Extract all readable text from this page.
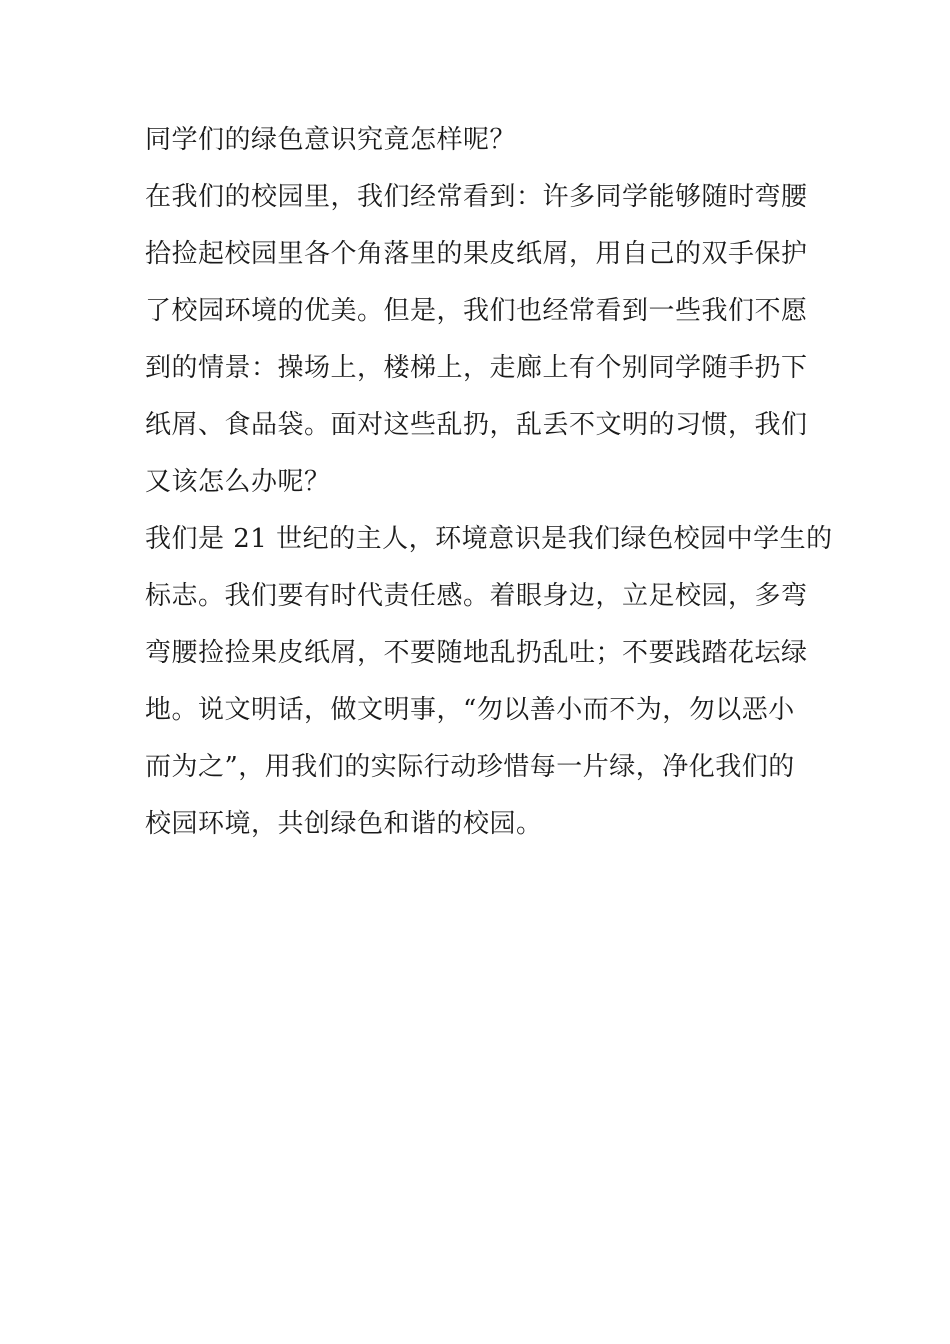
同学们的绿色意识究竟怎样呢？
在我们的校园里，我们经常看到：许多同学能够随时弯腰
拾捡起校园里各个角落里的果皮纸屑，用自己的双手保护
了校园环境的优美。但是，我们也经常看到一些我们不愿
到的情景：操场上，楼梯上，走廊上有个别同学随手扔下
纸屑、食品袋。面对这些乱扔，乱丢不文明的习惯，我们
又该怎么办呢？
我们是 21 世纪的主人，环境意识是我们绿色校园中学生的
标志。我们要有时代责任感。着眼身边，立足校园，多弯
弯腰捡捡果皮纸屑，不要随地乱扔乱吐；不要践踏花坛绿
地。说文明话，做文明事，“勿以善小而不为，勿以恶小
而为之”，用我们的实际行动珍惜每一片绿，净化我们的
校园环境，共创绿色和谐的校园。
